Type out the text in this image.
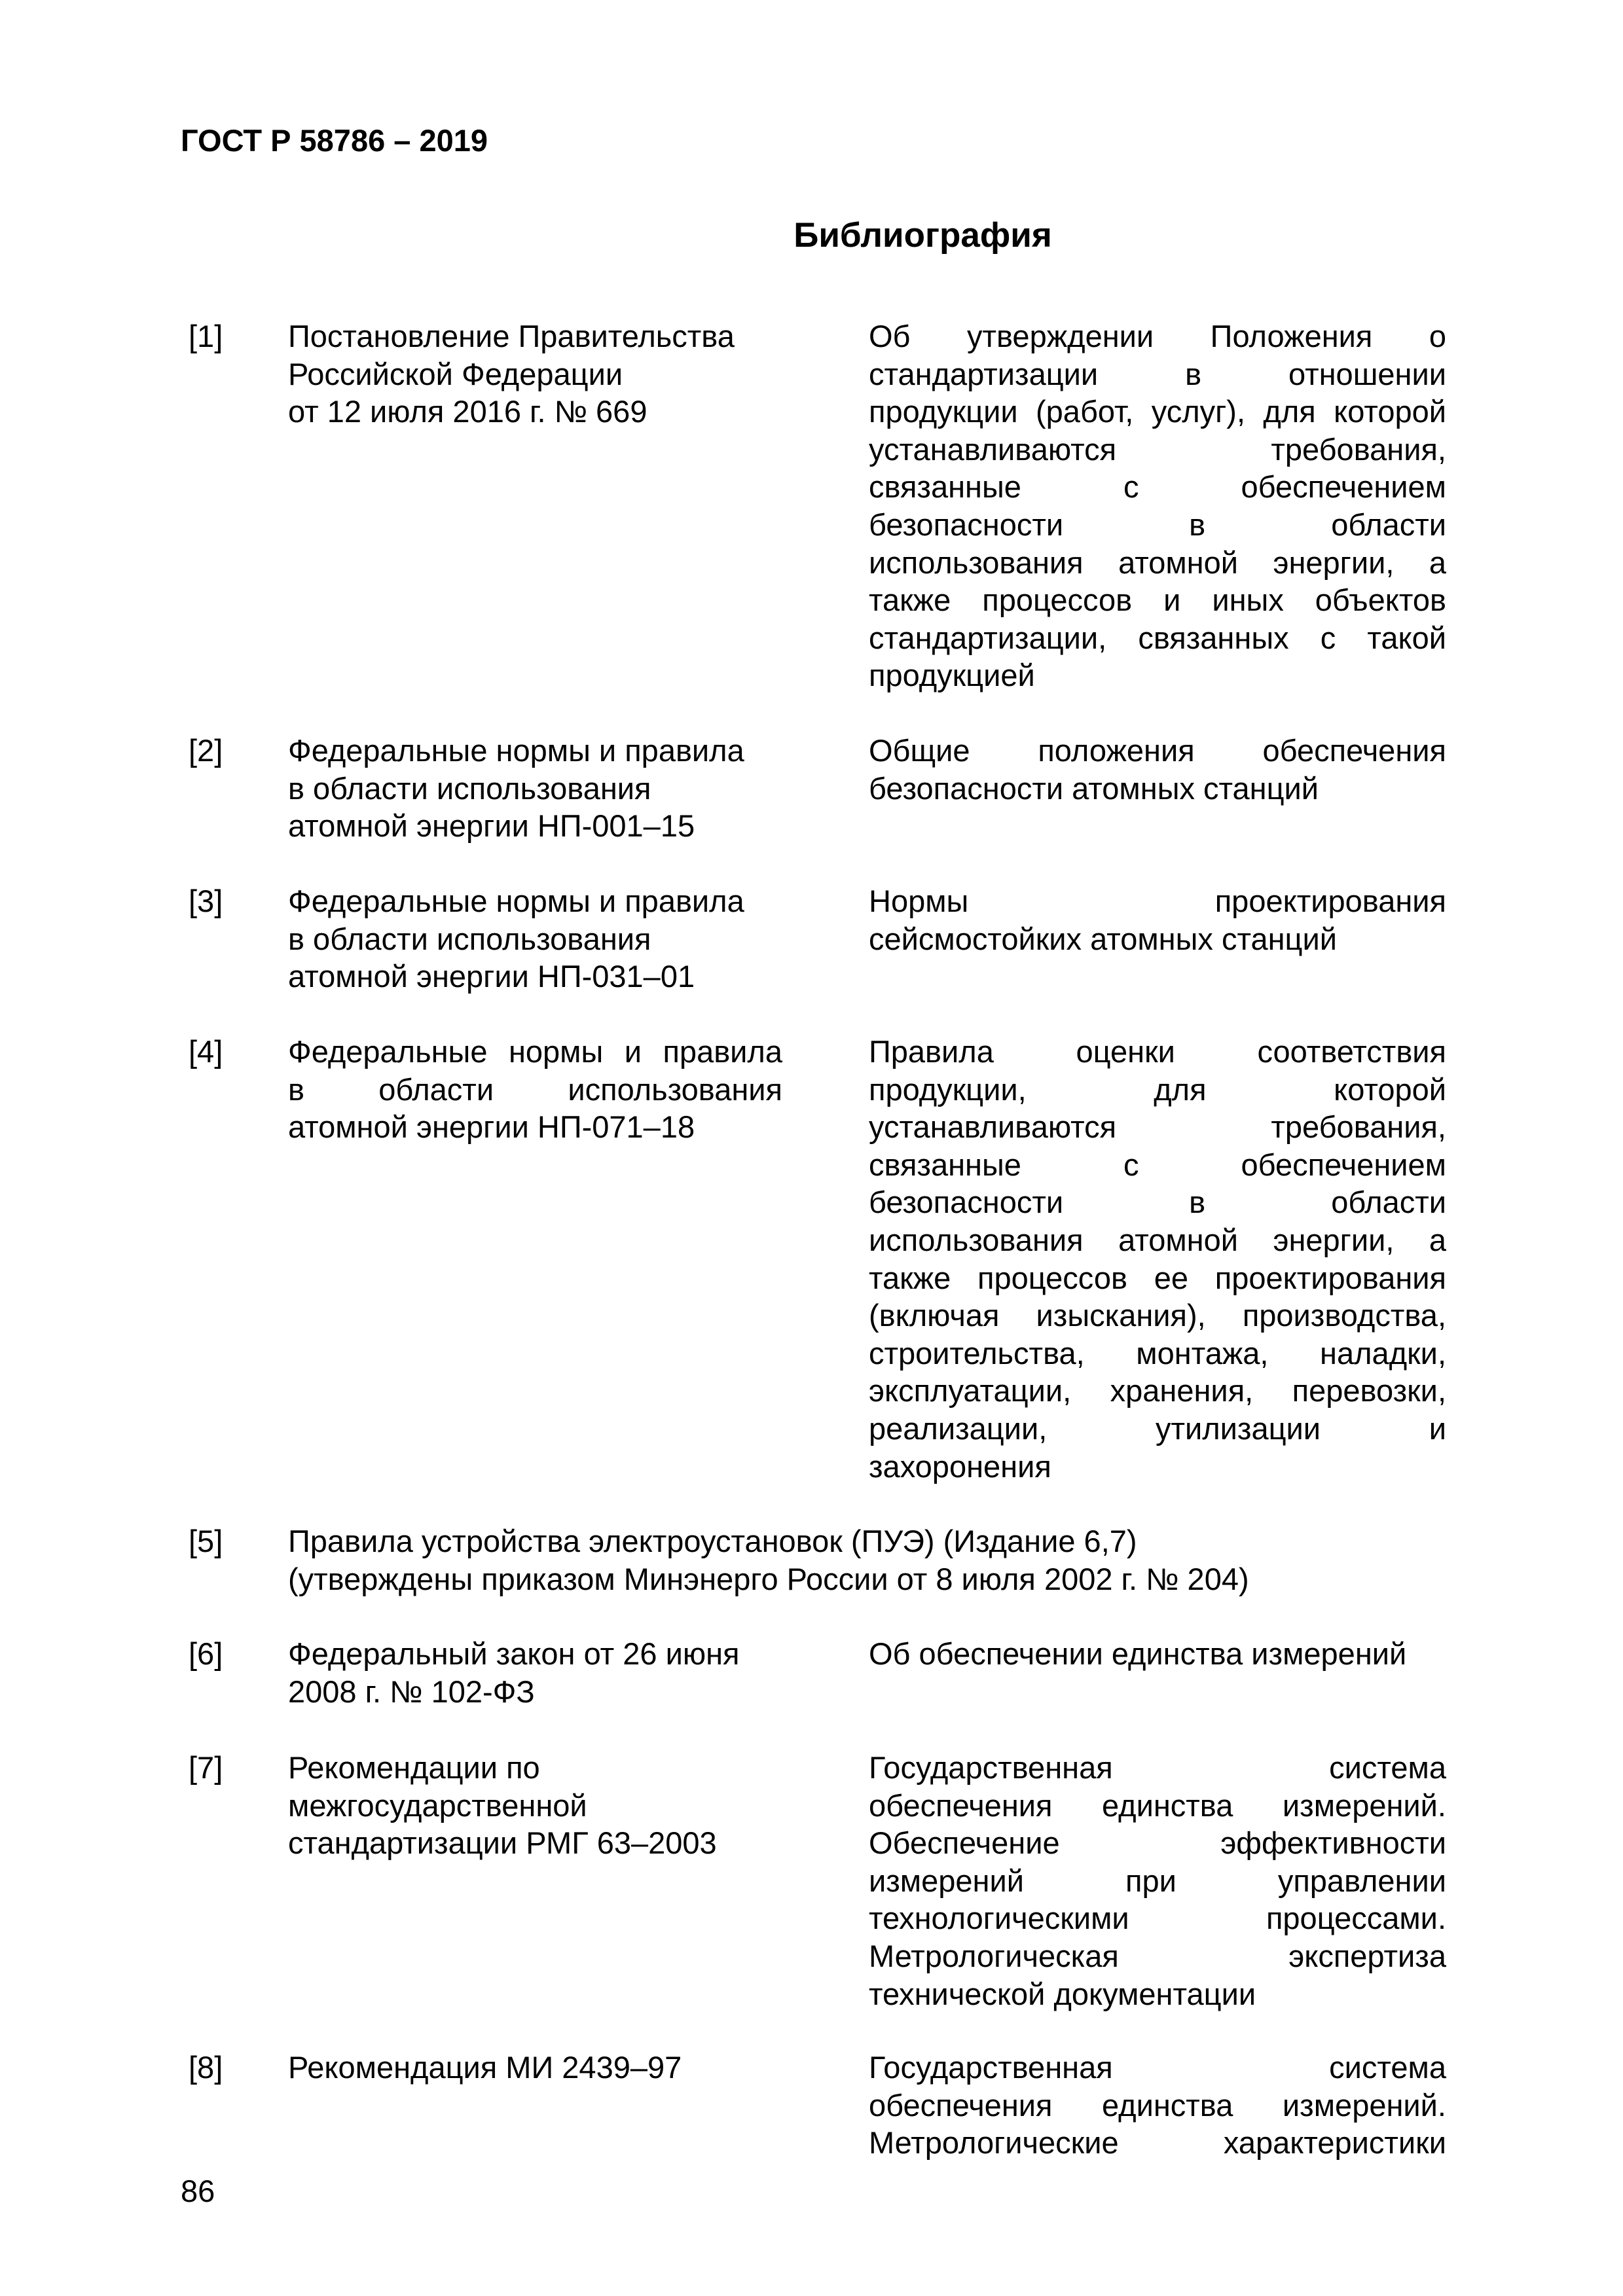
ГОСТ Р 58786 – 2019
Библиография
[1] Постановление Правительства
Российской Федерации
от 12 июля 2016 г. № 669
Об утверждении Положения о
стандартизации в отношении
продукции (работ, услуг), для которой
устанавливаются требования,
связанные с обеспечением
безопасности в области
использования атомной энергии, а
также процессов и иных объектов
стандартизации, связанных с такой
продукцией
[2] Федеральные нормы и правила
в области использования
атомной энергии НП-001–15
Общие положения обеспечения
безопасности атомных станций
[3] Федеральные нормы и правила
в области использования
атомной энергии НП-031–01
Нормы проектирования
сейсмостойких атомных станций
[4] Федеральные нормы и правила
в области использования
атомной энергии НП-071–18
Правила оценки соответствия
продукции, для которой
устанавливаются требования,
связанные с обеспечением
безопасности в области
использования атомной энергии, а
также процессов ее проектирования
(включая изыскания), производства,
строительства, монтажа, наладки,
эксплуатации, хранения, перевозки,
реализации, утилизации и
захоронения
[5] Правила устройства электроустановок (ПУЭ) (Издание 6,7)
(утверждены приказом Минэнерго России от 8 июля 2002 г. № 204)
[6] Федеральный закон от 26 июня
2008 г. № 102-ФЗ
Об обеспечении единства измерений
[7] Рекомендации по
межгосударственной
стандартизации РМГ 63–2003
Государственная система
обеспечения единства измерений.
Обеспечение эффективности
измерений при управлении
технологическими процессами.
Метрологическая экспертиза
технической документации
[8] Рекомендация МИ 2439–97	Государственная система
обеспечения единства измерений.
Метрологические характеристики
86
